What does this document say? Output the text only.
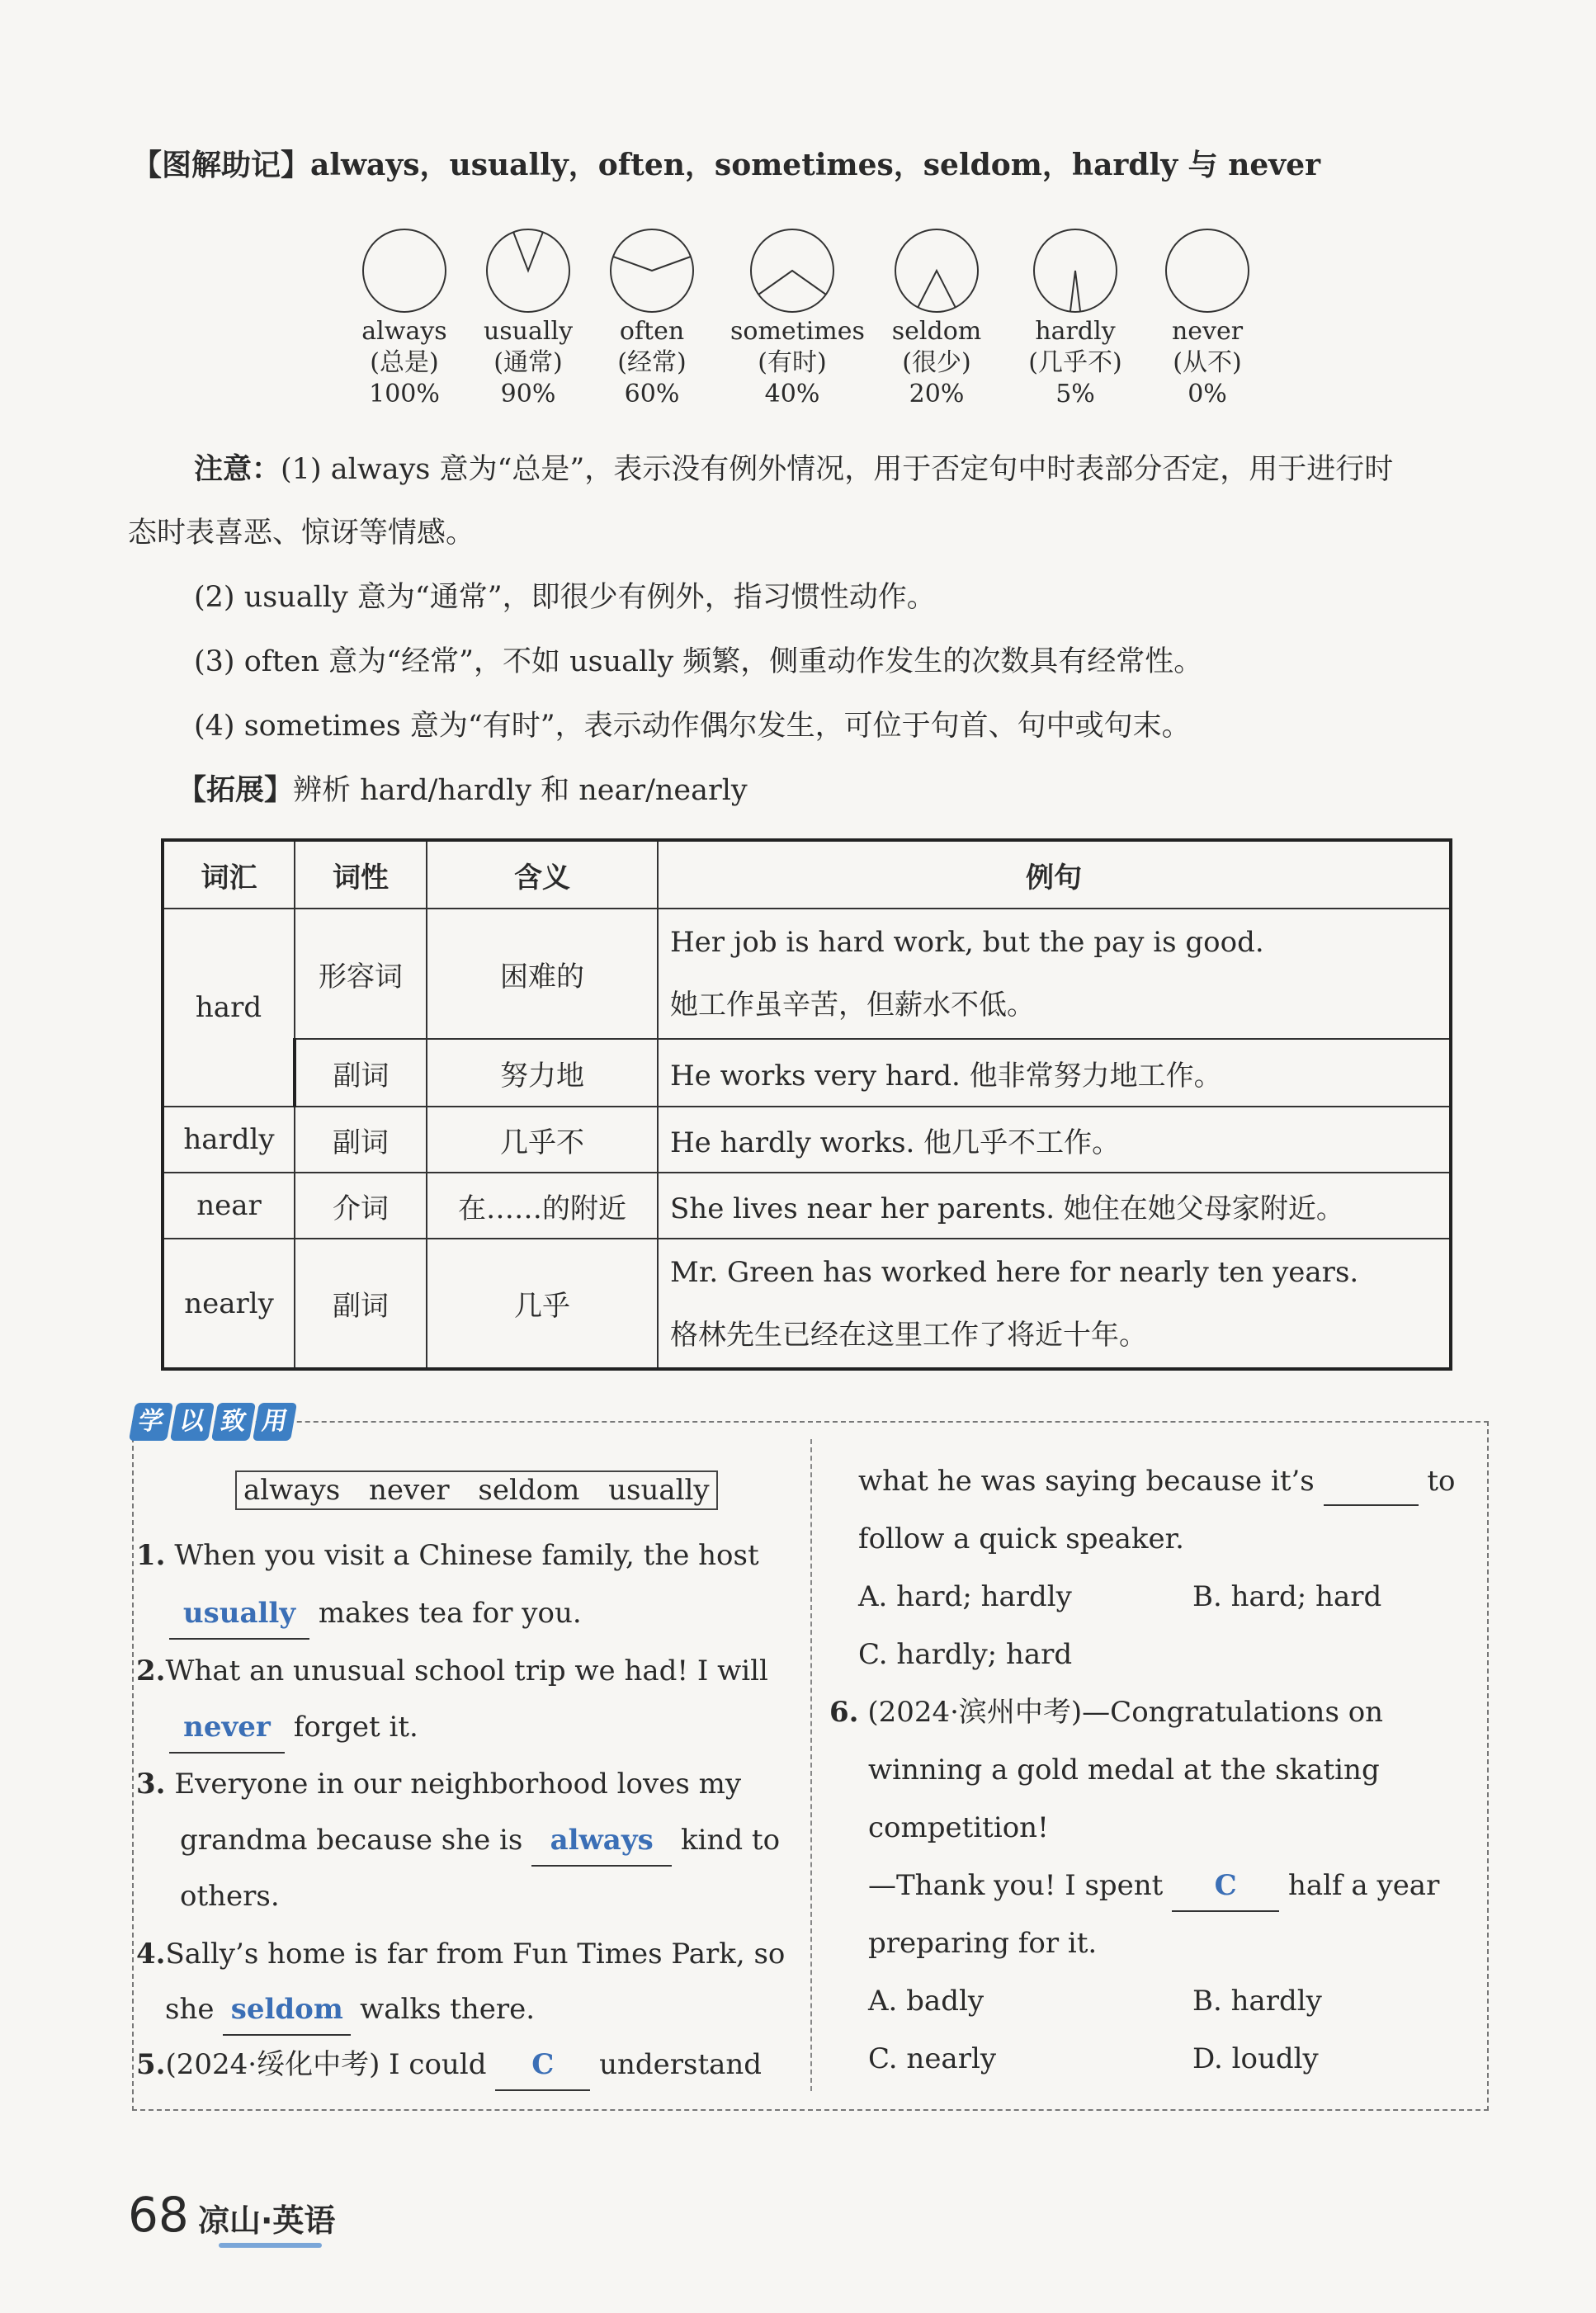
【图解助记】always，usually，often，sometimes，seldom，hardly 与 never
always
(总是)
100%
usually
(通常)
90%
often
(经常)
60%
sometimes
(有时)
40%
seldom
(很少)
20%
hardly
(几乎不)
5%
never
(从不)
0%
注意：(1) always 意为“总是”，表示没有例外情况，用于否定句中时表部分否定，用于进行时
态时表喜恶、惊讶等情感。
(2) usually 意为“通常”，即很少有例外，指习惯性动作。
(3) often 意为“经常”，不如 usually 频繁，侧重动作发生的次数具有经常性。
(4) sometimes 意为“有时”，表示动作偶尔发生，可位于句首、句中或句末。
【拓展】辨析 hard/hardly 和 near/nearly
词汇	词性	含义	例句
hard	形容词	困难的	Her job is hard work, but the pay is good.
她工作虽辛苦，但薪水不低。

	副词	努力地	He works very hard. 他非常努力地工作。
hardly	副词	几乎不	He hardly works. 他几乎不工作。
near	介词	在……的附近	She lives near her parents. 她住在她父母家附近。
nearly	副词	几乎	Mr. Green has worked here for nearly ten years.
格林先生已经在这里工作了将近十年。
学 以 致 用
always never seldom usually
1. When you visit a Chinese family, the host
usually makes tea for you.
2.What an unusual school trip we had! I will
never forget it.
3. Everyone in our neighborhood loves my
grandma because she is always kind to
others.
4.Sally’s home is far from Fun Times Park, so
she seldom walks there.
5.(2024·绥化中考) I could C understand
what he was saying because it’s	to
follow a quick speaker.
A. hard; hardly	B. hard; hard
C. hardly; hard
6. (2024·滨州中考)—Congratulations on
winning a gold medal at the skating
competition!
—Thank you! I spent C half a year
preparing for it.
A. badly	B. hardly
C. nearly	D. loudly
68 凉山·英语
